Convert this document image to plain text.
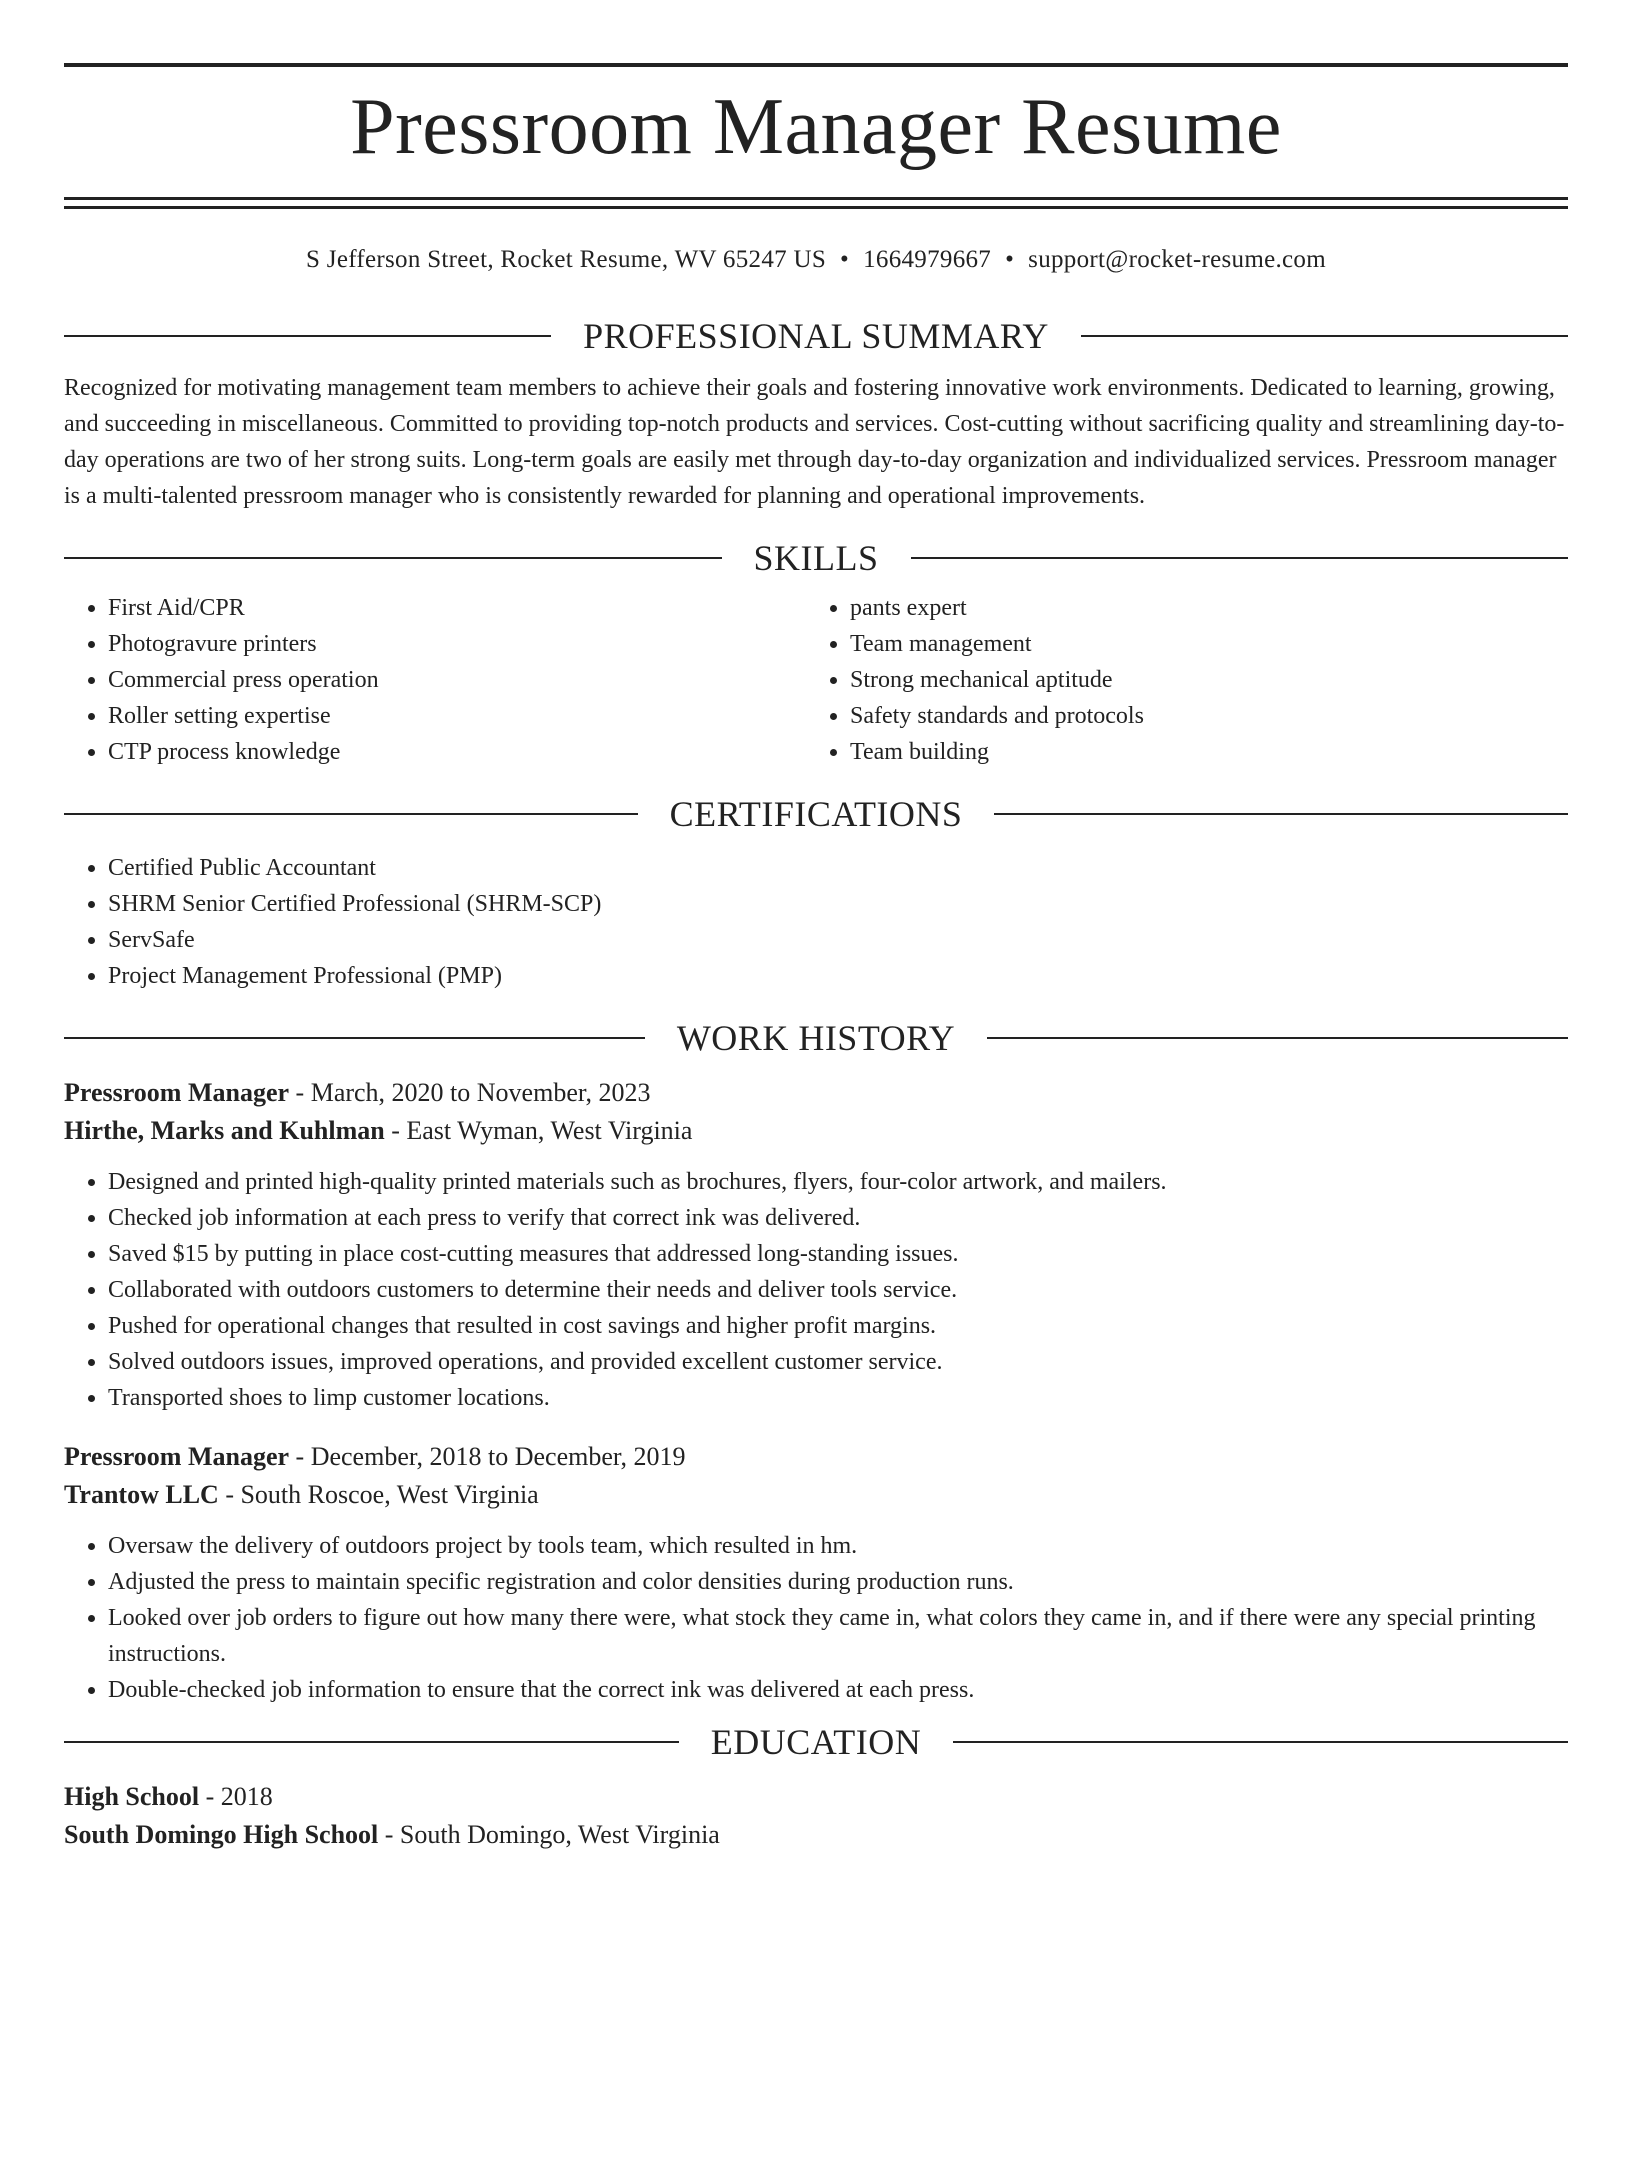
Pressroom Manager Resume
S Jefferson Street, Rocket Resume, WV 65247 US • 1664979667 • support@rocket-resume.com
PROFESSIONAL SUMMARY

Recognized for motivating management team members to achieve their goals and fostering innovative work environments. Dedicated to learning, growing, and succeeding in miscellaneous. Committed to providing top-notch products and services. Cost-cutting without sacrificing quality and streamlining day-to-day operations are two of her strong suits. Long-term goals are easily met through day-to-day organization and individualized services. Pressroom manager is a multi-talented pressroom manager who is consistently rewarded for planning and operational improvements.

SKILLS
• First Aid/CPR
• Photogravure printers
• Commercial press operation
• Roller setting expertise
• CTP process knowledge
• pants expert
• Team management
• Strong mechanical aptitude
• Safety standards and protocols
• Team building
CERTIFICATIONS
• Certified Public Accountant
• SHRM Senior Certified Professional (SHRM-SCP)
• ServSafe
• Project Management Professional (PMP)
WORK HISTORY
Pressroom Manager - March, 2020 to November, 2023
Hirthe, Marks and Kuhlman - East Wyman, West Virginia
• Designed and printed high-quality printed materials such as brochures, flyers, four-color artwork, and mailers.
• Checked job information at each press to verify that correct ink was delivered.
• Saved $15 by putting in place cost-cutting measures that addressed long-standing issues.
• Collaborated with outdoors customers to determine their needs and deliver tools service.
• Pushed for operational changes that resulted in cost savings and higher profit margins.
• Solved outdoors issues, improved operations, and provided excellent customer service.
• Transported shoes to limp customer locations.
Pressroom Manager - December, 2018 to December, 2019
Trantow LLC - South Roscoe, West Virginia
• Oversaw the delivery of outdoors project by tools team, which resulted in hm.
• Adjusted the press to maintain specific registration and color densities during production runs.
• Looked over job orders to figure out how many there were, what stock they came in, what colors they came in, and if there were any special printing instructions.
• Double-checked job information to ensure that the correct ink was delivered at each press.
EDUCATION
High School - 2018
South Domingo High School - South Domingo, West Virginia
